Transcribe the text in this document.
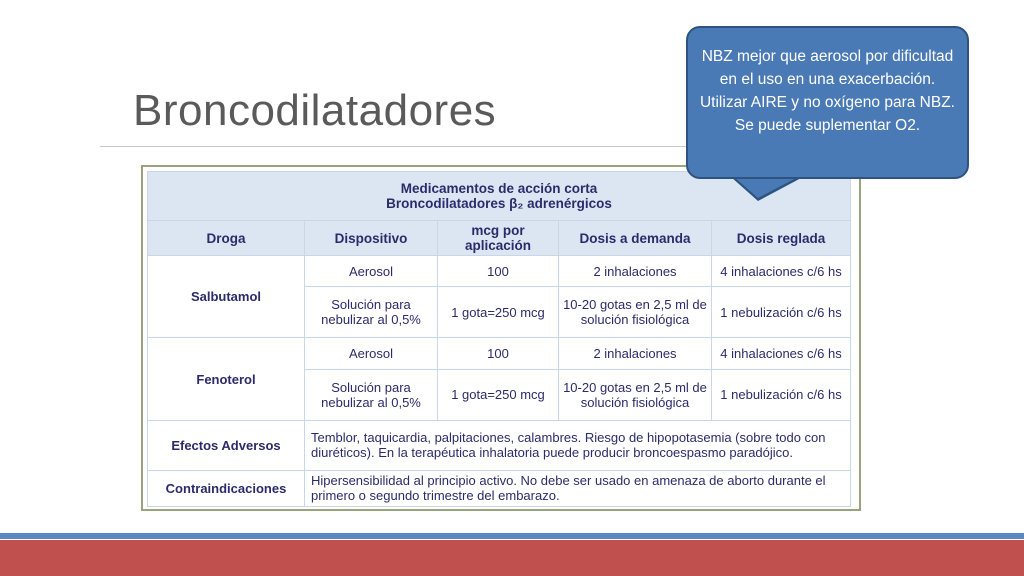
Broncodilatadores
Medicamentos de acción corta
Broncodilatadores β₂ adrenérgicos				

Droga	Dispositivo	mcg por aplicación	Dosis a demanda	Dosis reglada
Salbutamol	Aerosol	100	2 inhalaciones	4 inhalaciones c/6 hs
	Solución para nebulizar al 0,5%	1 gota=250 mcg	10-20 gotas en 2,5 ml de solución fisiológica	1 nebulización c/6 hs
Fenoterol	Aerosol	100	2 inhalaciones	4 inhalaciones c/6 hs
	Solución para nebulizar al 0,5%	1 gota=250 mcg	10-20 gotas en 2,5 ml de solución fisiológica	1 nebulización c/6 hs
Efectos Adversos	Temblor, taquicardia, palpitaciones, calambres. Riesgo de hipopotasemia (sobre todo con diuréticos). En la terapéutica inhalatoria puede producir broncoespasmo paradójico.			
Contraindicaciones	Hipersensibilidad al principio activo. No debe ser usado en amenaza de aborto durante el primero o segundo trimestre del embarazo.			

NBZ mejor que aerosol por dificultad en el uso en una exacerbación.

Utilizar AIRE y no oxígeno para NBZ. Se puede suplementar O2.
